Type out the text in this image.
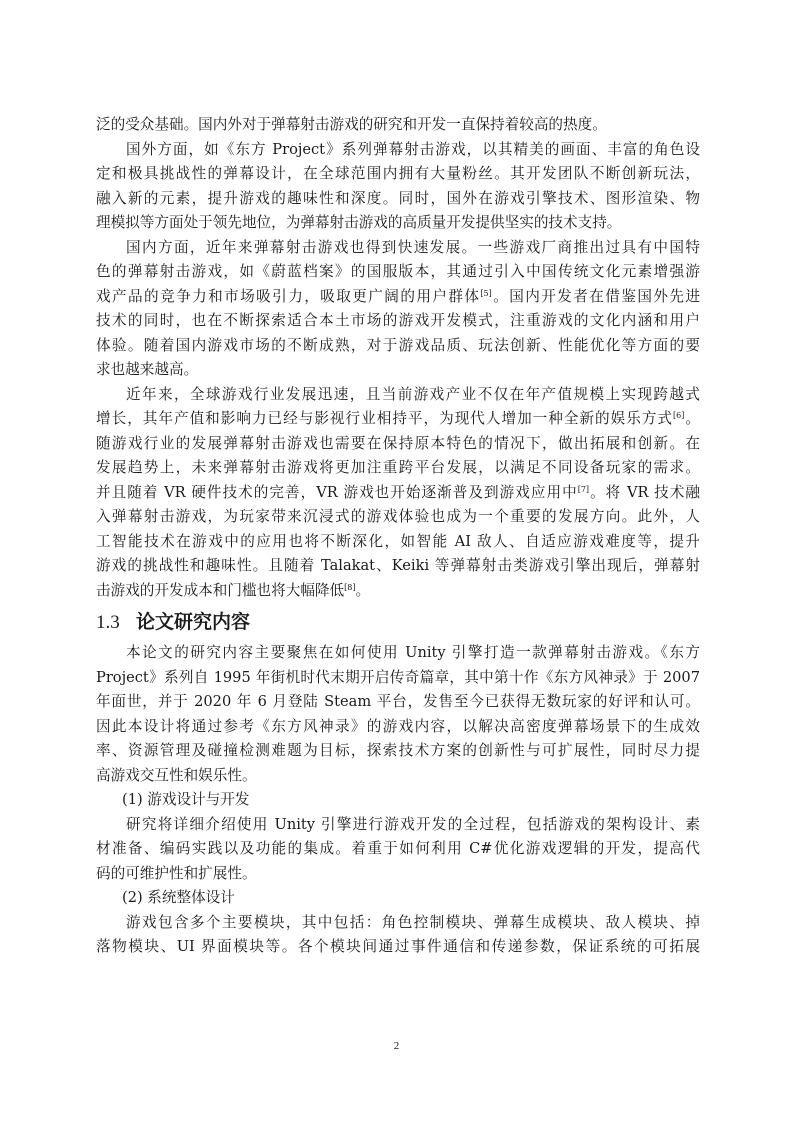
泛的受众基础。国内外对于弹幕射击游戏的研究和开发一直保持着较高的热度。
国外方面，如《东方 Project》系列弹幕射击游戏，以其精美的画面、丰富的角色设
定和极具挑战性的弹幕设计，在全球范围内拥有大量粉丝。其开发团队不断创新玩法，
融入新的元素，提升游戏的趣味性和深度。同时，国外在游戏引擎技术、图形渲染、物
理模拟等方面处于领先地位，为弹幕射击游戏的高质量开发提供坚实的技术支持。
国内方面，近年来弹幕射击游戏也得到快速发展。一些游戏厂商推出过具有中国特
色的弹幕射击游戏，如《蔚蓝档案》的国服版本，其通过引入中国传统文化元素增强游
戏产品的竞争力和市场吸引力，吸取更广阔的用户群体[5]。国内开发者在借鉴国外先进
技术的同时，也在不断探索适合本土市场的游戏开发模式，注重游戏的文化内涵和用户
体验。随着国内游戏市场的不断成熟，对于游戏品质、玩法创新、性能优化等方面的要
求也越来越高。
近年来，全球游戏行业发展迅速，且当前游戏产业不仅在年产值规模上实现跨越式
增长，其年产值和影响力已经与影视行业相持平，为现代人增加一种全新的娱乐方式[6]。
随游戏行业的发展弹幕射击游戏也需要在保持原本特色的情况下，做出拓展和创新。在
发展趋势上，未来弹幕射击游戏将更加注重跨平台发展，以满足不同设备玩家的需求。
并且随着 VR 硬件技术的完善，VR 游戏也开始逐渐普及到游戏应用中[7]。将 VR 技术融
入弹幕射击游戏，为玩家带来沉浸式的游戏体验也成为一个重要的发展方向。此外，人
工智能技术在游戏中的应用也将不断深化，如智能 AI 敌人、自适应游戏难度等，提升
游戏的挑战性和趣味性。且随着 Talakat、Keiki 等弹幕射击类游戏引擎出现后，弹幕射
击游戏的开发成本和门槛也将大幅降低[8]。
1.3 论文研究内容
本论文的研究内容主要聚焦在如何使用 Unity 引擎打造一款弹幕射击游戏。《东方
Project》系列自 1995 年街机时代末期开启传奇篇章，其中第十作《东方风神录》于 2007
年面世，并于 2020 年 6 月登陆 Steam 平台，发售至今已获得无数玩家的好评和认可。
因此本设计将通过参考《东方风神录》的游戏内容，以解决高密度弹幕场景下的生成效
率、资源管理及碰撞检测难题为目标，探索技术方案的创新性与可扩展性，同时尽力提
高游戏交互性和娱乐性。
(1) 游戏设计与开发
研究将详细介绍使用 Unity 引擎进行游戏开发的全过程，包括游戏的架构设计、素
材准备、编码实践以及功能的集成。着重于如何利用 C#优化游戏逻辑的开发，提高代
码的可维护性和扩展性。
(2) 系统整体设计
游戏包含多个主要模块，其中包括：角色控制模块、弹幕生成模块、敌人模块、掉
落物模块、UI 界面模块等。各个模块间通过事件通信和传递参数，保证系统的可拓展
2
